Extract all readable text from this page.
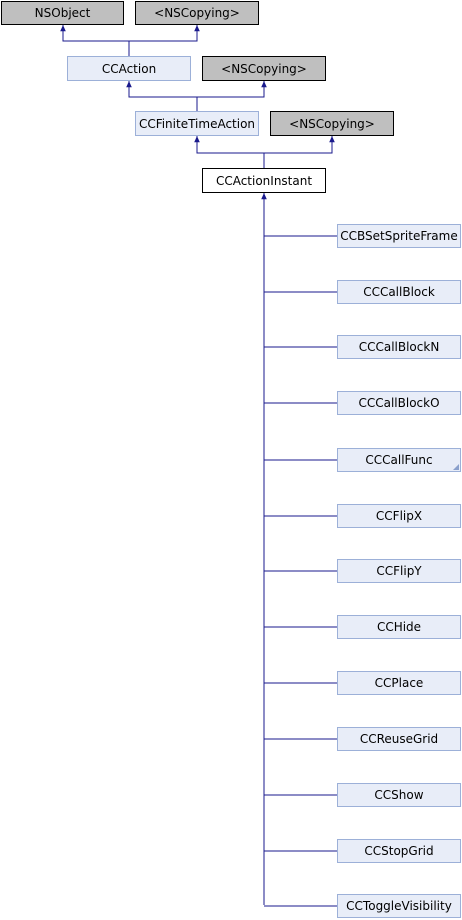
NSObject	<NSCopying>
CCAction	<NSCopying>
CCFiniteTimeAction	<NSCopying>
CCActionInstant
CCBSetSpriteFrame
CCCallBlock
CCCallBlockN
CCCallBlockO
CCCallFunc
CCFlipX
CCFlipY
CCHide
CCPlace
CCReuseGrid
CCShow
CCStopGrid
CCToggleVisibility
